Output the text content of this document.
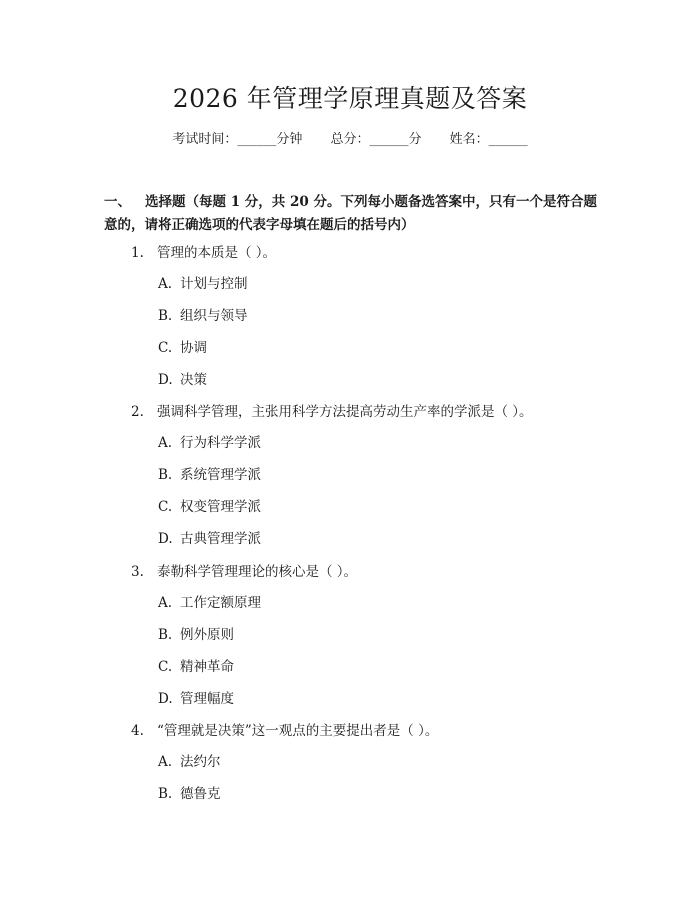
2026 年管理学原理真题及答案
考试时间：______分钟 总分：______分 姓名：______
一、 选择题（每题 1 分，共 20 分。下列每小题备选答案中，只有一个是符合题意的，请将正确选项的代表字母填在题后的括号内）
1. 管理的本质是（ ）。
A. 计划与控制
B. 组织与领导
C. 协调
D. 决策
2. 强调科学管理，主张用科学方法提高劳动生产率的学派是（ ）。
A. 行为科学学派
B. 系统管理学派
C. 权变管理学派
D. 古典管理学派
3. 泰勒科学管理理论的核心是（ ）。
A. 工作定额原理
B. 例外原则
C. 精神革命
D. 管理幅度
4. “管理就是决策”这一观点的主要提出者是（ ）。
A. 法约尔
B. 德鲁克
